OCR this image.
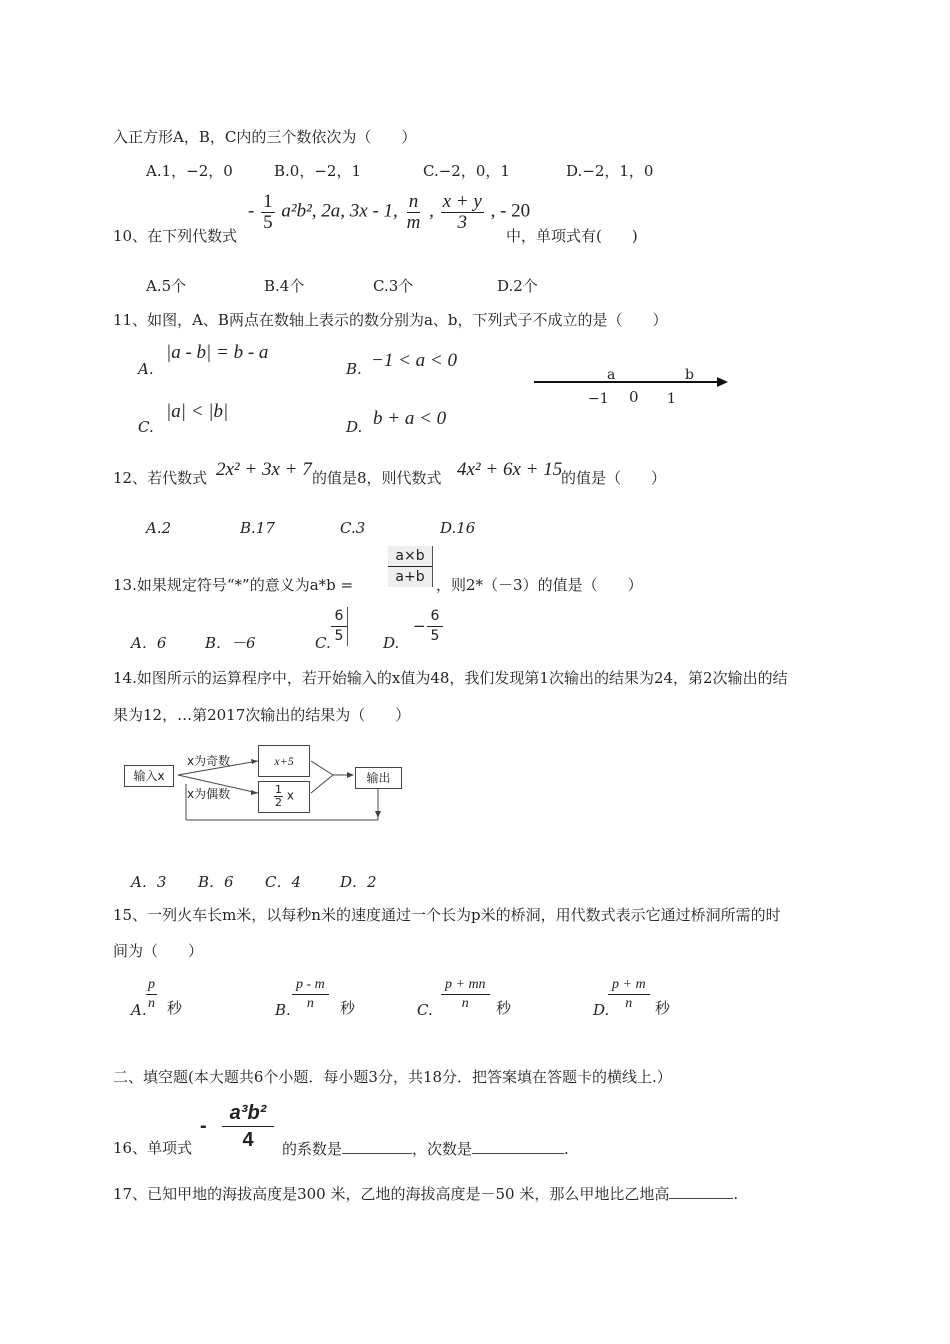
入正方形A，B，C内的三个数依次为（　　）
A.1，−2，0	B.0，−2，1	C.−2，0，1	D.−2，1，0
10、在下列代数式
- $\frac{1}{5} a^2b^2$, 2a, 3x - 1, $\frac{n}{m}$ , $\frac{x + y}{3}$ , - 20
中，单项式有(　　)
A.5个	B.4个	C.3个	D.2个
11、如图，A、B两点在数轴上表示的数分别为a、b，下列式子不成立的是（　　）
A.
|a - b| = b - a
B. −1 < a < 0
C.
|a| < |b|
D. b + a < 0
a	b
−1 0 1
12、若代数式 2x² + 3x + 7 的值是8，则代数式 4x² + 6x + 15
的值是（　　）
A.2	B.17	C.3	D.16
13.如果规定符号“*”的意义为a*b =
a×b
a+b ，则2*（－3）的值是（　　）
A．6	B．－6	C.
6
5	D.
−
6
5
14.如图所示的运算程序中，若开始输入的x值为48，我们发现第1次输出的结果为24，第2次输出的结
果为12，…第2017次输出的结果为（　　）
输入x
x为奇数
x为偶数
x+5
$\frac{1}{2}$ x
输出
A．3 B．6 C．4	D．2
15、一列火车长m米，以每秒n米的速度通过一个长为p米的桥洞，用代数式表示它通过桥洞所需的时
间为（　　）
A.
p
n 秒	B.
p - m
n	秒	C.
p + mn
n	秒	D.
p + m
n	秒
二、填空题(本大题共6个小题．每小题3分，共18分．把答案填在答题卡的横线上.）
16、单项式
-
a³b²
4	的系数是	，次数是	.
17、已知甲地的海拔高度是300 米，乙地的海拔高度是－50 米，那么甲地比乙地高	.
